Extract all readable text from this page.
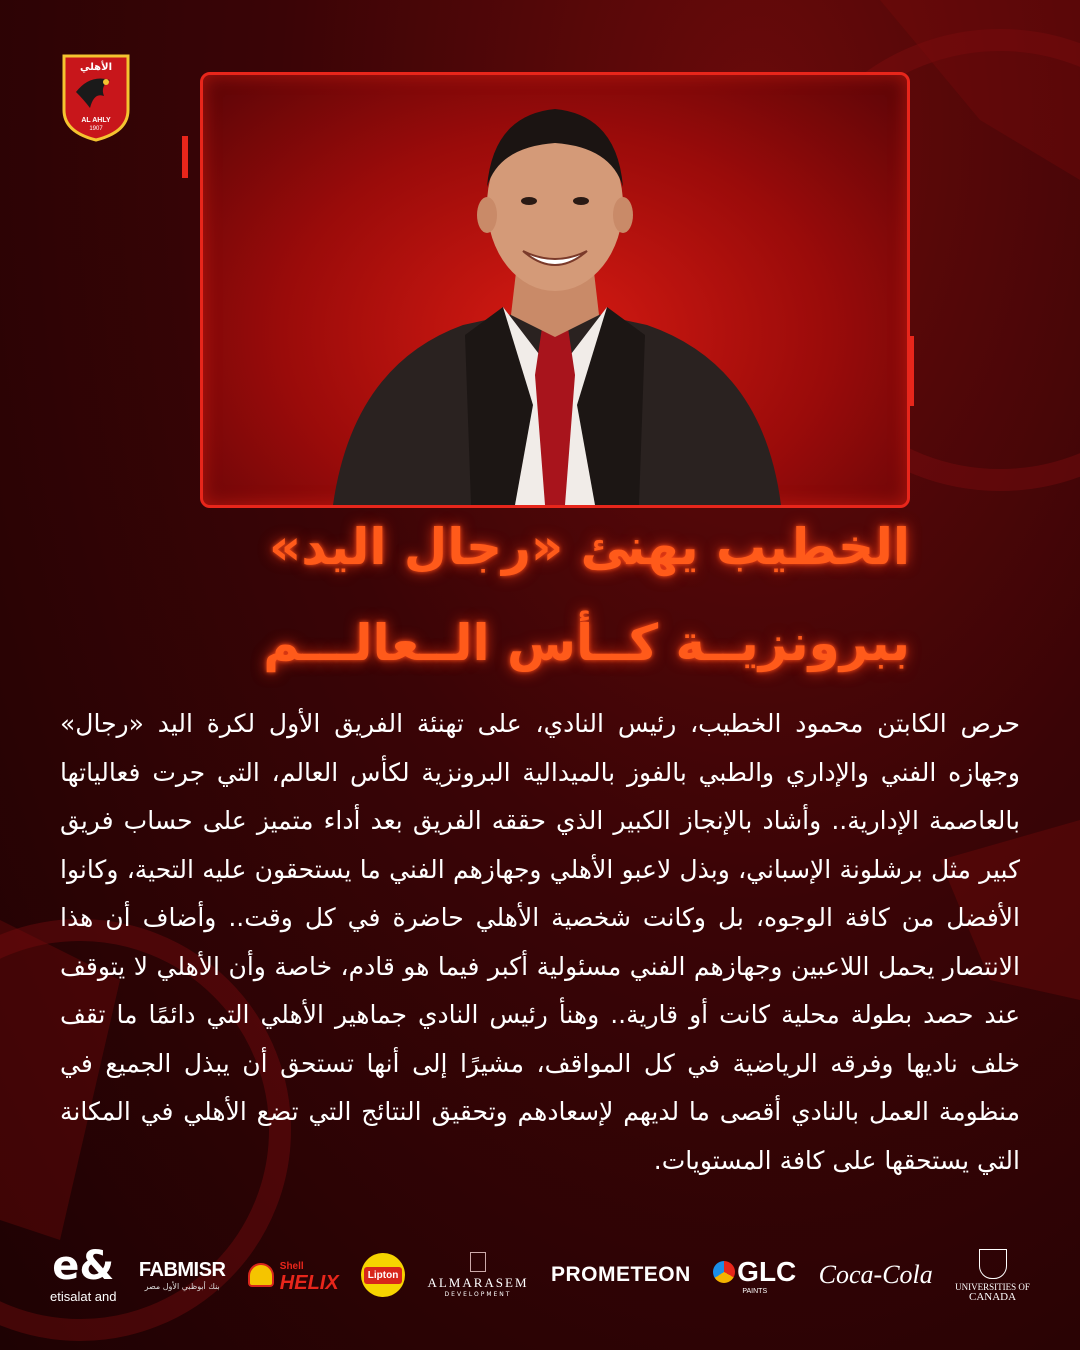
الأهلي
AL AHLY
1907
الخطيب يهنئ «رجال اليد»
ببرونزيــة كــأس الــعالـــم
حرص الكابتن محمود الخطيب، رئيس النادي، على تهنئة الفريق الأول لكرة اليد «رجال» وجهازه الفني والإداري والطبي بالفوز بالميدالية البرونزية لكأس العالم، التي جرت فعالياتها بالعاصمة الإدارية.. وأشاد بالإنجاز الكبير الذي حققه الفريق بعد أداء متميز على حساب فريق كبير مثل برشلونة الإسباني، وبذل لاعبو الأهلي وجهازهم الفني ما يستحقون عليه التحية، وكانوا الأفضل من كافة الوجوه، بل وكانت شخصية الأهلي حاضرة في كل وقت.. وأضاف أن هذا الانتصار يحمل اللاعبين وجهازهم الفني مسئولية أكبر فيما هو قادم، خاصة وأن الأهلي لا يتوقف عند حصد بطولة محلية كانت أو قارية.. وهنأ رئيس النادي جماهير الأهلي التي دائمًا ما تقف خلف ناديها وفرقه الرياضية في كل المواقف، مشيرًا إلى أنها تستحق أن يبذل الجميع في منظومة العمل بالنادي أقصى ما لديهم لإسعادهم وتحقيق النتائج التي تضع الأهلي في المكانة التي يستحقها على كافة المستويات.
e&
etisalat and
FABMISR
بنك أبوظبي الأول مصر
Shell
HELIX	Lipton	ALMARASEM
DEVELOPMENT
PROMETEON GLC
PAINTS
Coca-Cola UNIVERSITIES OF
CANADA
